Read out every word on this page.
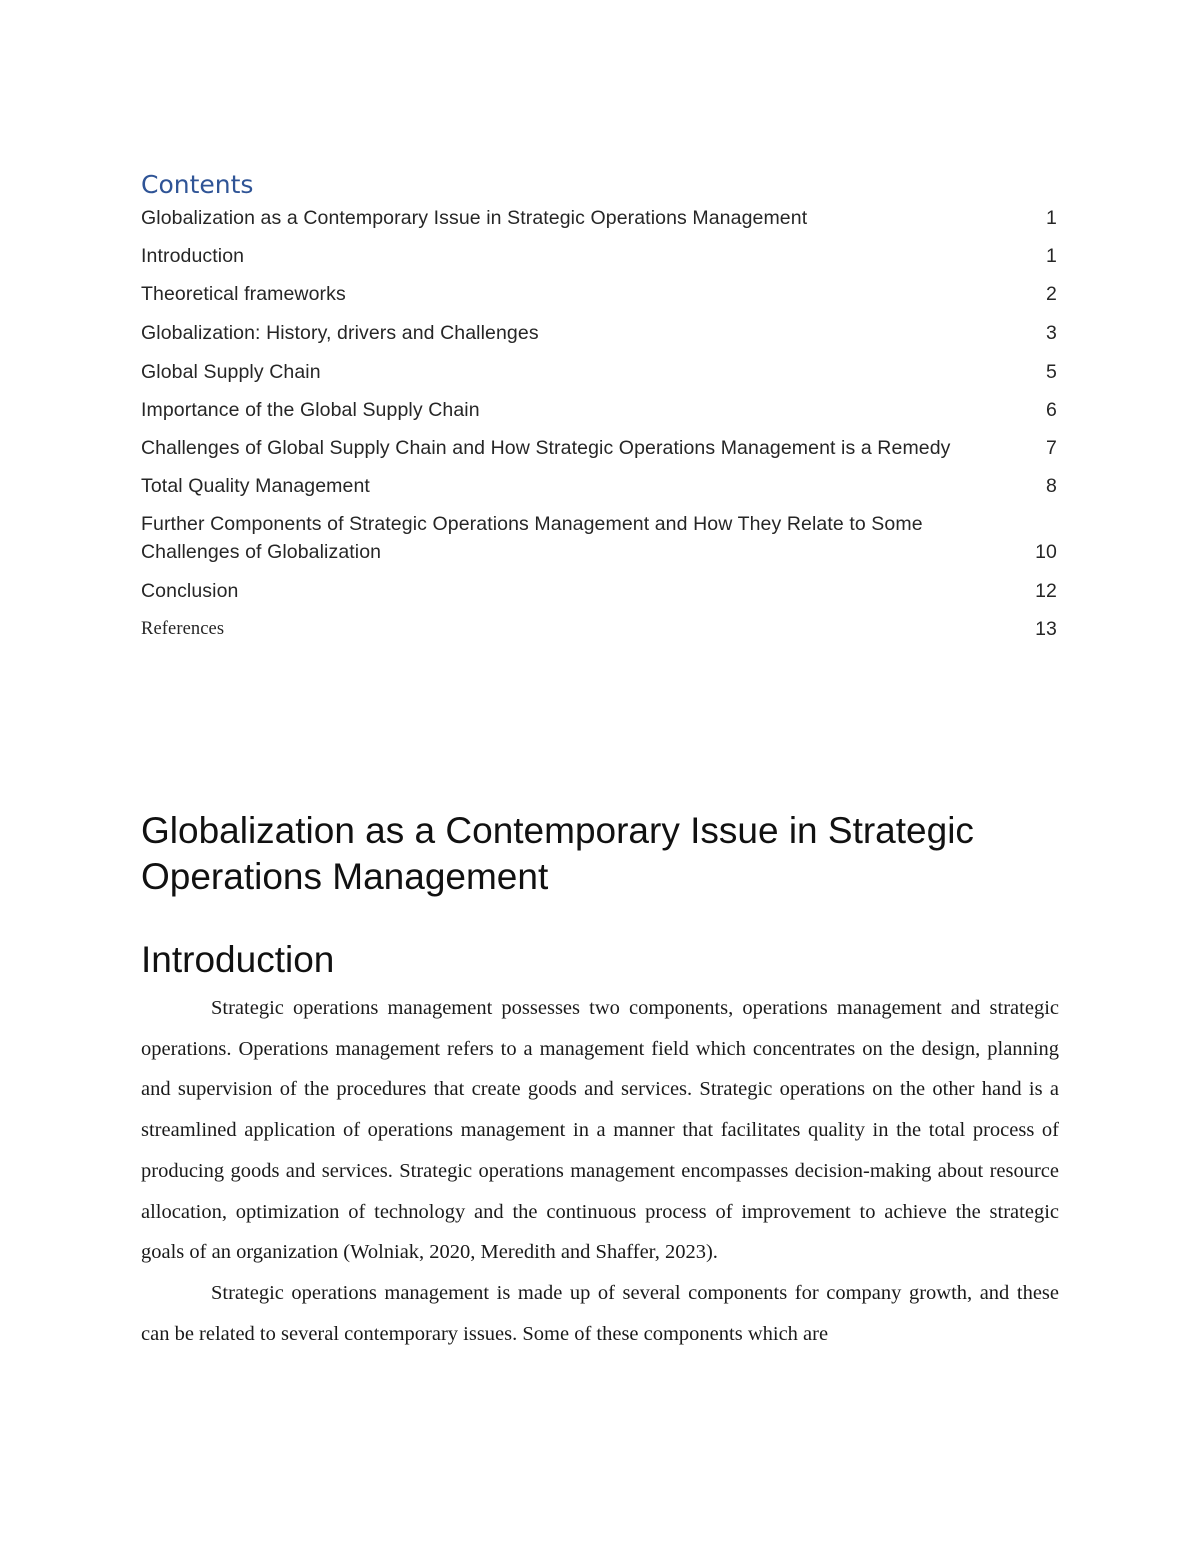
Contents
Globalization as a Contemporary Issue in Strategic Operations Management	1
Introduction	1
Theoretical frameworks	2
Globalization: History, drivers and Challenges	3
Global Supply Chain	5
Importance of the Global Supply Chain	6
Challenges of Global Supply Chain and How Strategic Operations Management is a Remedy	7
Total Quality Management	8
Further Components of Strategic Operations Management and How They Relate to Some Challenges of Globalization	10
Conclusion	12
References	13
Globalization as a Contemporary Issue in Strategic Operations Management
Introduction

Strategic operations management possesses two components, operations management and strategic operations. Operations management refers to a management field which concentrates on the design, planning and supervision of the procedures that create goods and services. Strategic operations on the other hand is a streamlined application of operations management in a manner that facilitates quality in the total process of producing goods and services. Strategic operations management encompasses decision-making about resource allocation, optimization of technology and the continuous process of improvement to achieve the strategic goals of an organization (Wolniak, 2020, Meredith and Shaffer, 2023).

Strategic operations management is made up of several components for company growth, and these can be related to several contemporary issues. Some of these components which are
